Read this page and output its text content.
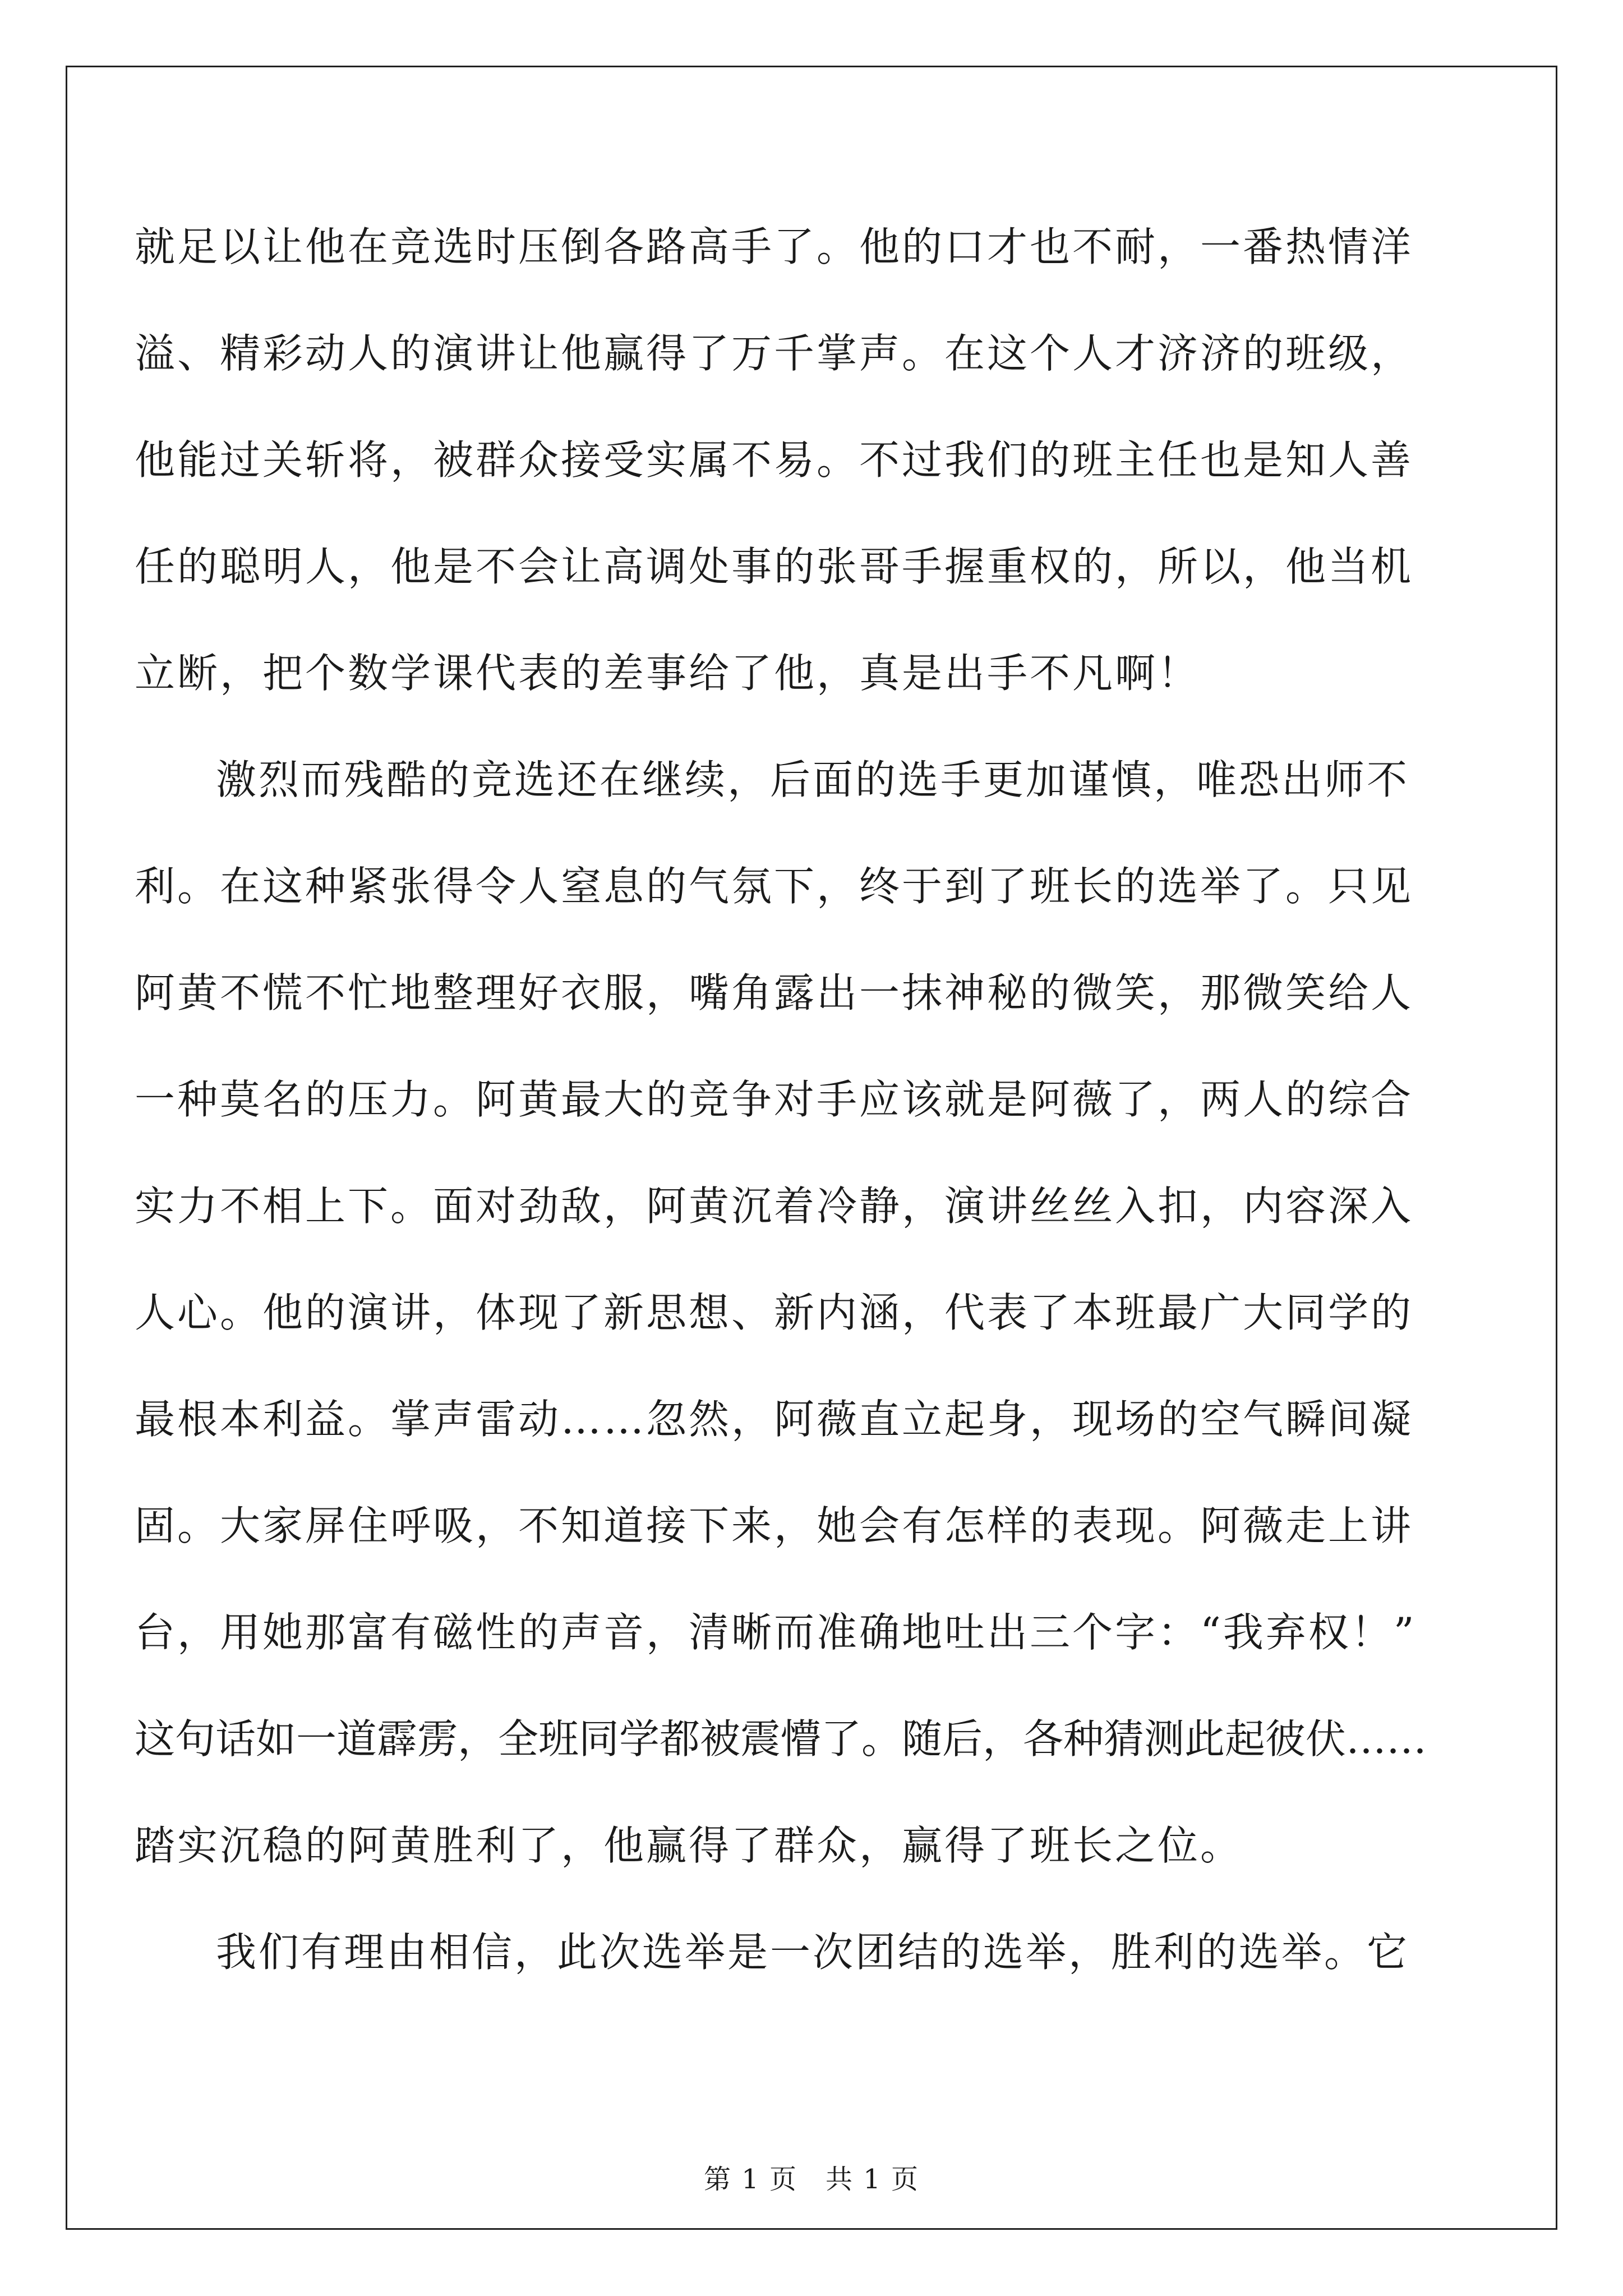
就足以让他在竞选时压倒各路高手了。他的口才也不耐，一番热情洋
溢、精彩动人的演讲让他赢得了万千掌声。在这个人才济济的班级，
他能过关斩将，被群众接受实属不易。不过我们的班主任也是知人善
任的聪明人，他是不会让高调处事的张哥手握重权的，所以，他当机
立断，把个数学课代表的差事给了他，真是出手不凡啊！
激烈而残酷的竞选还在继续，后面的选手更加谨慎，唯恐出师不
利。在这种紧张得令人窒息的气氛下，终于到了班长的选举了。只见
阿黄不慌不忙地整理好衣服，嘴角露出一抹神秘的微笑，那微笑给人
一种莫名的压力。阿黄最大的竞争对手应该就是阿薇了，两人的综合
实力不相上下。面对劲敌，阿黄沉着冷静，演讲丝丝入扣，内容深入
人心。他的演讲，体现了新思想、新内涵，代表了本班最广大同学的
最根本利益。掌声雷动……忽然，阿薇直立起身，现场的空气瞬间凝
固。大家屏住呼吸，不知道接下来，她会有怎样的表现。阿薇走上讲
台，用她那富有磁性的声音，清晰而准确地吐出三个字：“我弃权！”
这句话如一道霹雳，全班同学都被震懵了。随后，各种猜测此起彼伏……
踏实沉稳的阿黄胜利了，他赢得了群众，赢得了班长之位。
我们有理由相信，此次选举是一次团结的选举，胜利的选举。它
第 1 页　共 1 页
